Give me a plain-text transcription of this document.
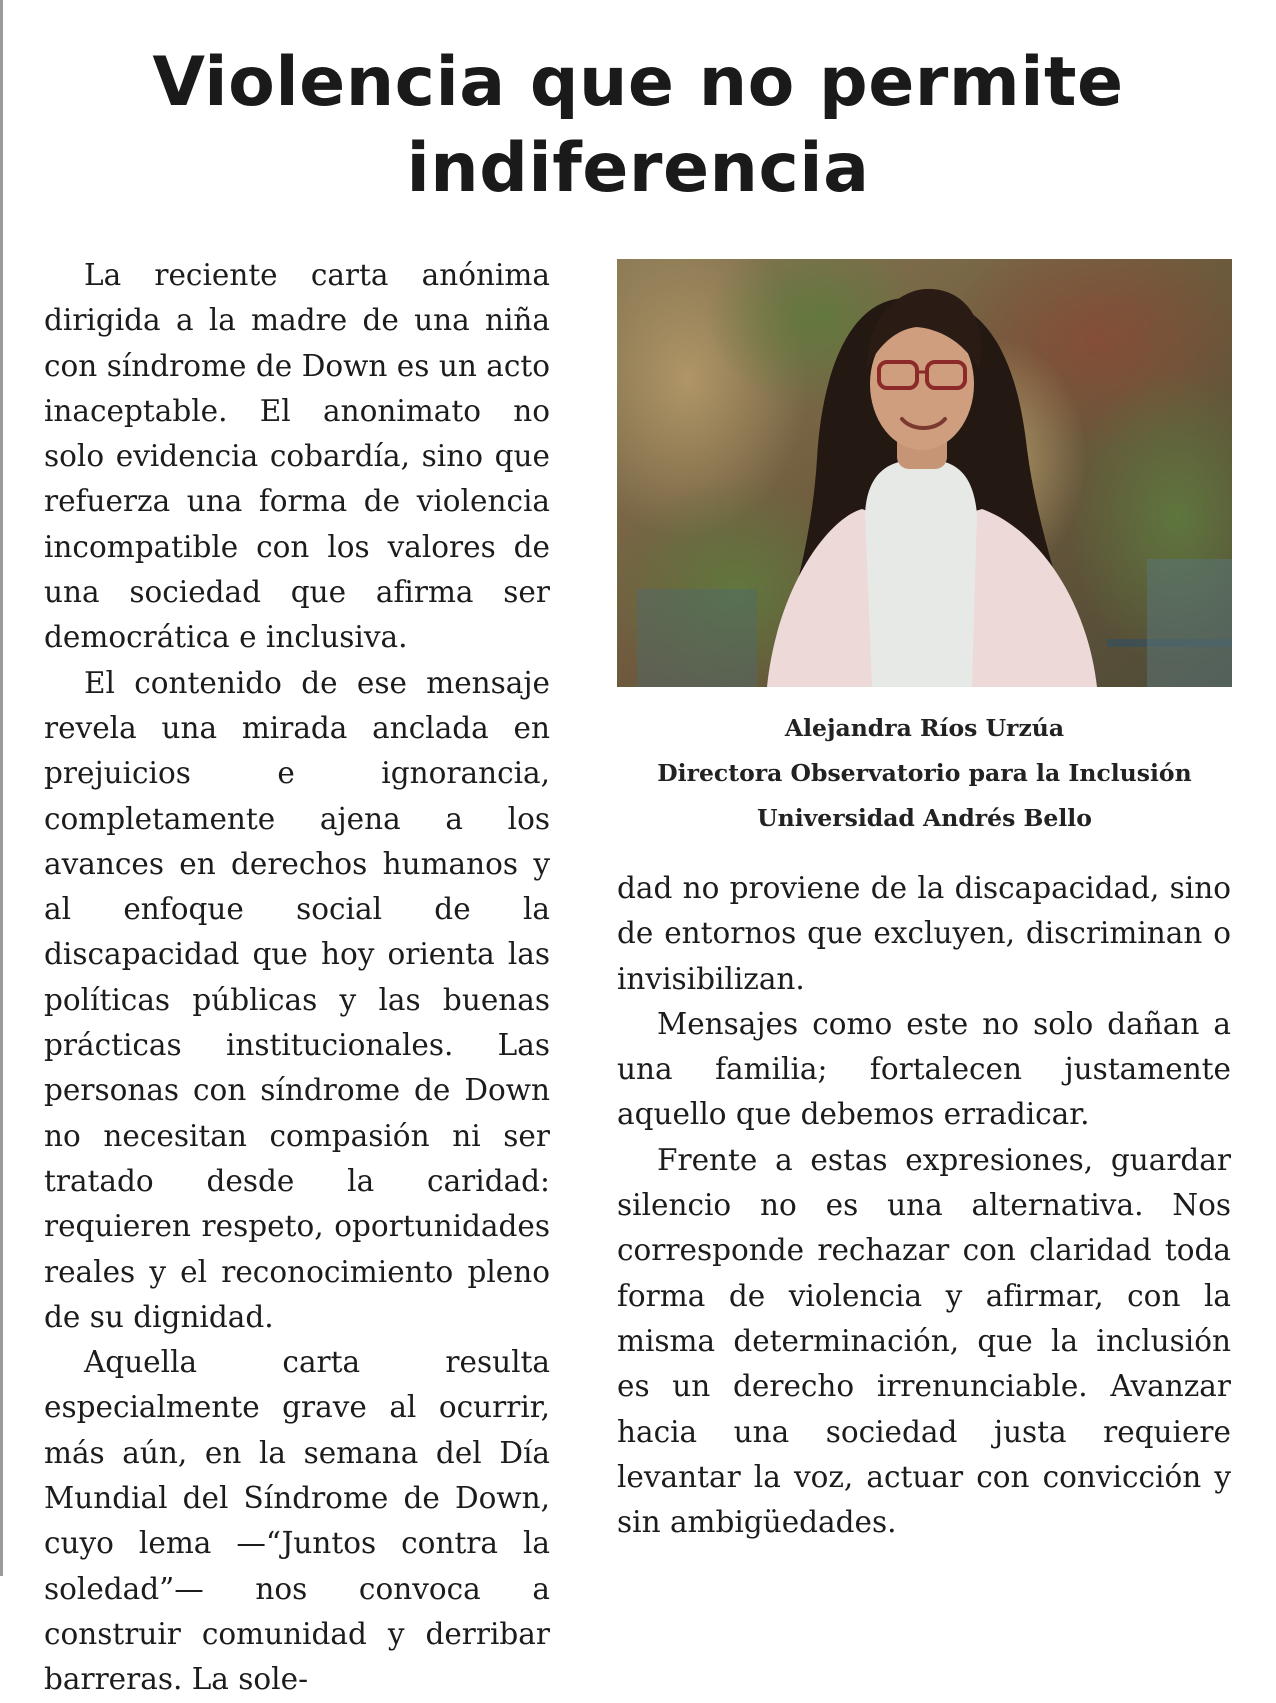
Violencia que no permite indiferencia

La reciente carta anónima dirigida a la madre de una niña con síndrome de Down es un acto inaceptable. El anonimato no solo evidencia cobardía, sino que refuerza una forma de violencia incompatible con los valores de una sociedad que afirma ser democrática e inclusiva.

El contenido de ese mensaje revela una mirada anclada en prejuicios e ignorancia, completamente ajena a los avances en derechos humanos y al enfoque social de la discapacidad que hoy orienta las políticas públicas y las buenas prácticas institucionales. Las personas con síndrome de Down no necesitan compasión ni ser tratado desde la caridad: requieren respeto, oportunidades reales y el reconocimiento pleno de su dignidad.

Aquella carta resulta especialmente grave al ocurrir, más aún, en la semana del Día Mundial del Síndrome de Down, cuyo lema —“Juntos contra la soledad”— nos convoca a construir comunidad y derribar barreras. La sole-

Alejandra Ríos Urzúa
Directora Observatorio para la Inclusión
Universidad Andrés Bello

dad no proviene de la discapacidad, sino de entornos que excluyen, discriminan o invisibilizan.

Mensajes como este no solo dañan a una familia; fortalecen justamente aquello que debemos erradicar.

Frente a estas expresiones, guardar silencio no es una alternativa. Nos corresponde rechazar con claridad toda forma de violencia y afirmar, con la misma determinación, que la inclusión es un derecho irrenunciable. Avanzar hacia una sociedad justa requiere levantar la voz, actuar con convicción y sin ambigüedades.
